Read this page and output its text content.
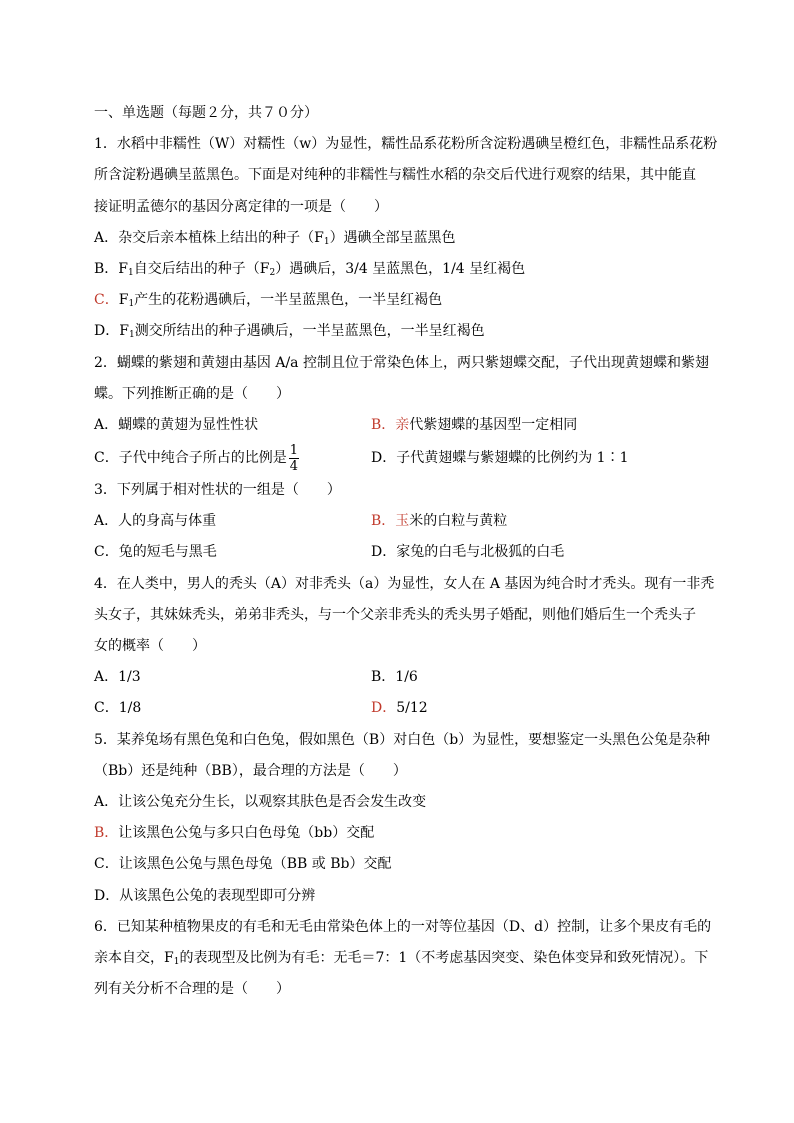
一、单选题（每题２分，共７０分）
1．水稻中非糯性（W）对糯性（w）为显性，糯性品系花粉所含淀粉遇碘呈橙红色，非糯性品系花粉
所含淀粉遇碘呈蓝黑色。下面是对纯种的非糯性与糯性水稻的杂交后代进行观察的结果，其中能直
接证明孟德尔的基因分离定律的一项是（　　）
A．杂交后亲本植株上结出的种子$(F_1)$遇碘全部呈蓝黑色
B．$F_1$自交后结出的种子$(F_2)$遇碘后，3/4 呈蓝黑色，1/4 呈红褐色
C．$F_1$产生的花粉遇碘后，一半呈蓝黑色，一半呈红褐色
D．$F_1$测交所结出的种子遇碘后，一半呈蓝黑色，一半呈红褐色
2．蝴蝶的紫翅和黄翅由基因 A/a 控制且位于常染色体上，两只紫翅蝶交配，子代出现黄翅蝶和紫翅
蝶。下列推断正确的是（　　）
A．蝴蝶的黄翅为显性性状	B．亲代紫翅蝶的基因型一定相同
C．子代中纯合子所占的比例是 $\frac{1}{4}$	D．子代黄翅蝶与紫翅蝶的比例约为 1∶1
3．下列属于相对性状的一组是（　　）
A．人的身高与体重	B．玉米的白粒与黄粒
C．兔的短毛与黑毛	D．家兔的白毛与北极狐的白毛
4．在人类中，男人的秃头（A）对非秃头（a）为显性，女人在 A 基因为纯合时才秃头。现有一非秃
头女子，其妹妹秃头，弟弟非秃头，与一个父亲非秃头的秃头男子婚配，则他们婚后生一个秃头子
女的概率（　　）
A．1/3	B．1/6
C．1/8	D．5/12
5．某养兔场有黑色兔和白色兔，假如黑色（B）对白色（b）为显性，要想鉴定一头黑色公兔是杂种
（Bb）还是纯种（BB），最合理的方法是（　　）
A．让该公兔充分生长，以观察其肤色是否会发生改变
B．让该黑色公兔与多只白色母兔（bb）交配
C．让该黑色公兔与黑色母兔（BB 或 Bb）交配
D．从该黑色公兔的表现型即可分辨
6．已知某种植物果皮的有毛和无毛由常染色体上的一对等位基因（D、d）控制，让多个果皮有毛的
亲本自交，$F_1$的表现型及比例为有毛：无毛＝7：1（不考虑基因突变、染色体变异和致死情况）。下
列有关分析不合理的是（　　）
